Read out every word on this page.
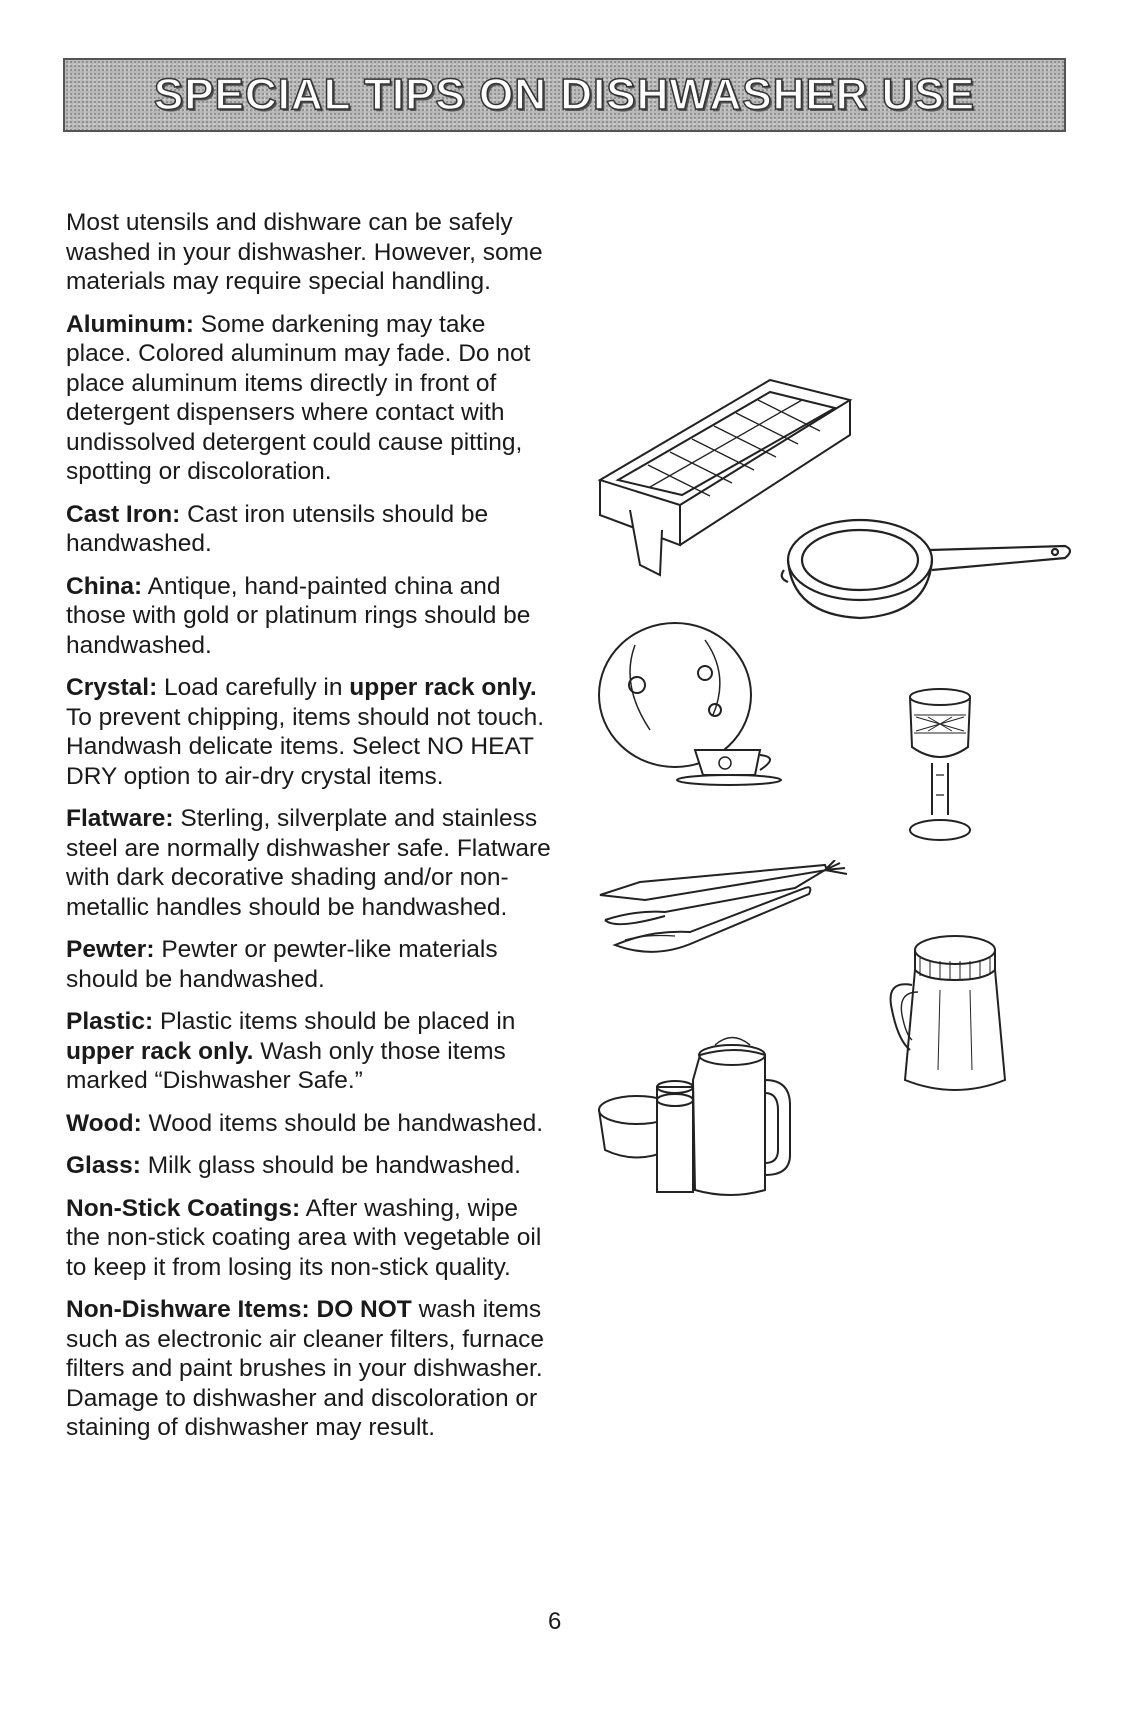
SPECIAL TIPS ON DISHWASHER USE

Most utensils and dishware can be safely washed in your dishwasher. However, some materials may require special handling.

Aluminum: Some darkening may take place. Colored aluminum may fade. Do not place aluminum items directly in front of detergent dispensers where contact with undissolved detergent could cause pitting, spotting or discoloration.

Cast Iron: Cast iron utensils should be handwashed.

China: Antique, hand-painted china and those with gold or platinum rings should be handwashed.

Crystal: Load carefully in upper rack only. To prevent chipping, items should not touch. Handwash delicate items. Select NO HEAT DRY option to air-dry crystal items.

Flatware: Sterling, silverplate and stainless steel are normally dishwasher safe. Flatware with dark decorative shading and/or non-metallic handles should be handwashed.

Pewter: Pewter or pewter-like materials should be handwashed.

Plastic: Plastic items should be placed in upper rack only. Wash only those items marked “Dishwasher Safe.”

Wood: Wood items should be handwashed.

Glass: Milk glass should be handwashed.

Non-Stick Coatings: After washing, wipe the non-stick coating area with vegetable oil to keep it from losing its non-stick quality.

Non-Dishware Items: DO NOT wash items such as electronic air cleaner filters, furnace filters and paint brushes in your dishwasher. Damage to dishwasher and discoloration or staining of dishwasher may result.

6
